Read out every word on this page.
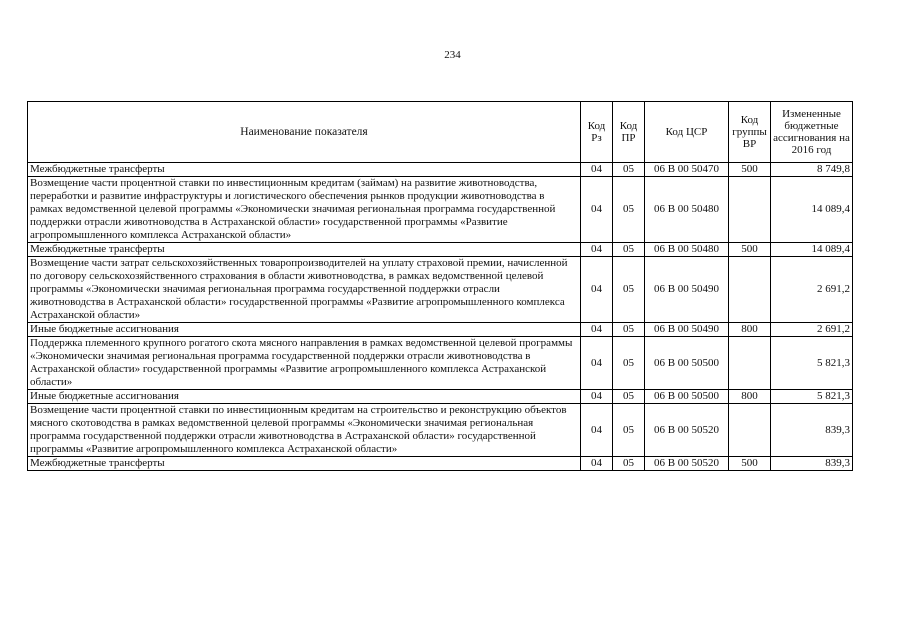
234
Наименование показателя	Код Рз	Код ПР	Код ЦСР	Код группы ВР	Измененные бюджетные ассигнования на 2016 год
Межбюджетные трансферты	04	05	06 В 00 50470	500	8 749,8
Возмещение части процентной ставки по инвестиционным кредитам (займам) на развитие животноводства, переработки и развитие инфраструктуры и логистического обеспечения рынков продукции животноводства в рамках ведомственной целевой программы «Экономически значимая региональная программа государственной поддержки отрасли животноводства в Астраханской области» государственной программы «Развитие агропромышленного комплекса Астраханской области»	04	05	06 В 00 50480		14 089,4
Межбюджетные трансферты	04	05	06 В 00 50480	500	14 089,4
Возмещение части затрат сельскохозяйственных товаропроизводителей на уплату страховой премии, начисленной по договору сельскохозяйственного страхования в области животноводства, в рамках ведомственной целевой программы «Экономически значимая региональная программа государственной поддержки отрасли животноводства в Астраханской области» государственной программы «Развитие агропромышленного комплекса Астраханской области»	04	05	06 В 00 50490		2 691,2
Иные бюджетные ассигнования	04	05	06 В 00 50490	800	2 691,2
Поддержка племенного крупного рогатого скота мясного направления в рамках ведомственной целевой программы «Экономически значимая региональная программа государственной поддержки отрасли животноводства в Астраханской области» государственной программы «Развитие агропромышленного комплекса Астраханской области»	04	05	06 В 00 50500		5 821,3
Иные бюджетные ассигнования	04	05	06 В 00 50500	800	5 821,3
Возмещение части процентной ставки по инвестиционным кредитам на строительство и реконструкцию объектов мясного скотоводства в рамках ведомственной целевой программы «Экономически значимая региональная программа государственной поддержки отрасли животноводства в Астраханской области» государственной программы «Развитие агропромышленного комплекса Астраханской области»	04	05	06 В 00 50520		839,3
Межбюджетные трансферты	04	05	06 В 00 50520	500	839,3
